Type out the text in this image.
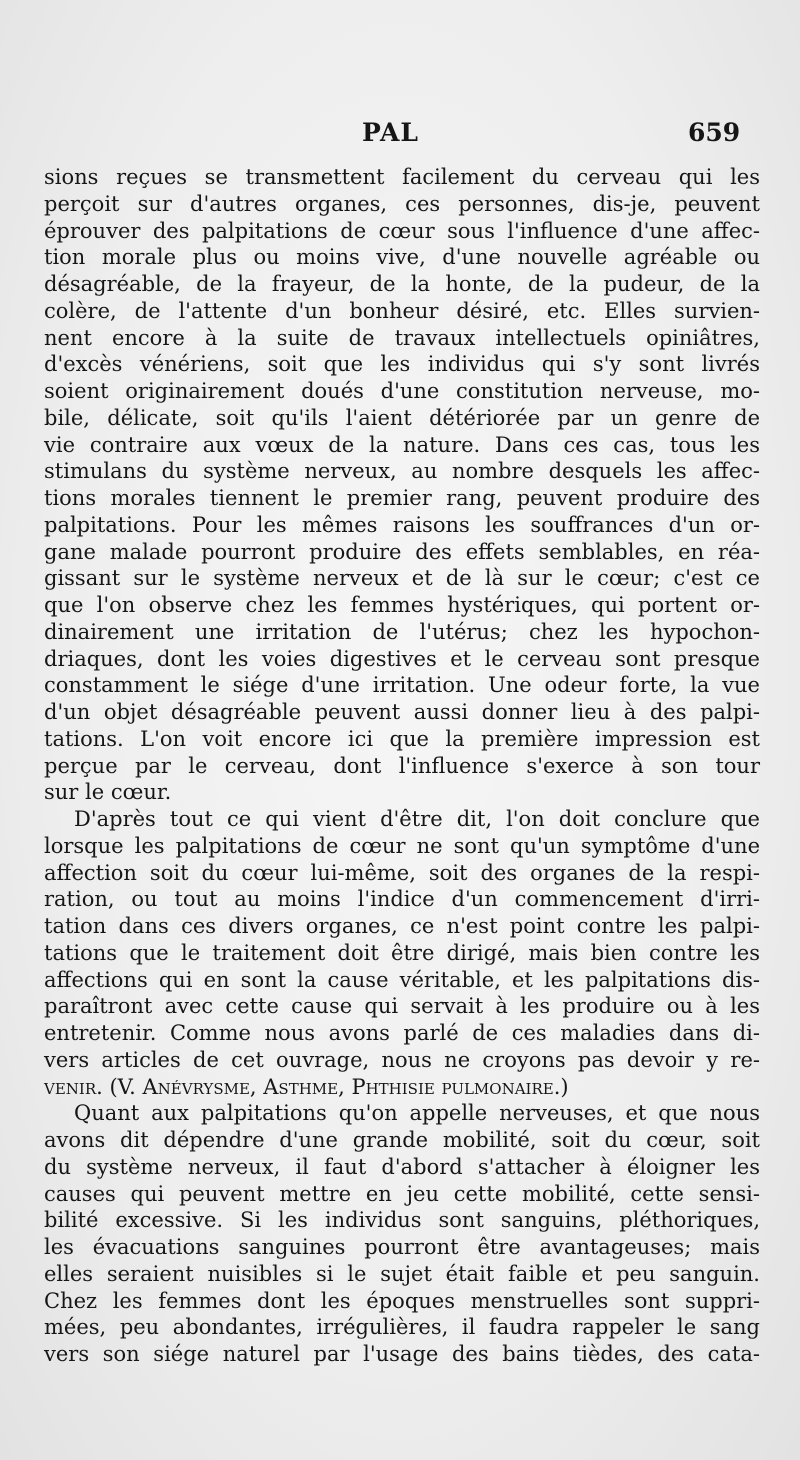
PAL	659
sions reçues se transmettent facilement du cerveau qui les
perçoit sur d'autres organes, ces personnes, dis-je, peuvent
éprouver des palpitations de cœur sous l'influence d'une affec-
tion morale plus ou moins vive, d'une nouvelle agréable ou
désagréable, de la frayeur, de la honte, de la pudeur, de la
colère, de l'attente d'un bonheur désiré, etc. Elles survien-
nent encore à la suite de travaux intellectuels opiniâtres,
d'excès vénériens, soit que les individus qui s'y sont livrés
soient originairement doués d'une constitution nerveuse, mo-
bile, délicate, soit qu'ils l'aient détériorée par un genre de
vie contraire aux vœux de la nature. Dans ces cas, tous les
stimulans du système nerveux, au nombre desquels les affec-
tions morales tiennent le premier rang, peuvent produire des
palpitations. Pour les mêmes raisons les souffrances d'un or-
gane malade pourront produire des effets semblables, en réa-
gissant sur le système nerveux et de là sur le cœur; c'est ce
que l'on observe chez les femmes hystériques, qui portent or-
dinairement une irritation de l'utérus; chez les hypochon-
driaques, dont les voies digestives et le cerveau sont presque
constamment le siége d'une irritation. Une odeur forte, la vue
d'un objet désagréable peuvent aussi donner lieu à des palpi-
tations. L'on voit encore ici que la première impression est
perçue par le cerveau, dont l'influence s'exerce à son tour
sur le cœur.
D'après tout ce qui vient d'être dit, l'on doit conclure que
lorsque les palpitations de cœur ne sont qu'un symptôme d'une
affection soit du cœur lui-même, soit des organes de la respi-
ration, ou tout au moins l'indice d'un commencement d'irri-
tation dans ces divers organes, ce n'est point contre les palpi-
tations que le traitement doit être dirigé, mais bien contre les
affections qui en sont la cause véritable, et les palpitations dis-
paraîtront avec cette cause qui servait à les produire ou à les
entretenir. Comme nous avons parlé de ces maladies dans di-
vers articles de cet ouvrage, nous ne croyons pas devoir y re-
venir. (V. Anévrysme, Asthme, Phthisie pulmonaire.)
Quant aux palpitations qu'on appelle nerveuses, et que nous
avons dit dépendre d'une grande mobilité, soit du cœur, soit
du système nerveux, il faut d'abord s'attacher à éloigner les
causes qui peuvent mettre en jeu cette mobilité, cette sensi-
bilité excessive. Si les individus sont sanguins, pléthoriques,
les évacuations sanguines pourront être avantageuses; mais
elles seraient nuisibles si le sujet était faible et peu sanguin.
Chez les femmes dont les époques menstruelles sont suppri-
mées, peu abondantes, irrégulières, il faudra rappeler le sang
vers son siége naturel par l'usage des bains tièdes, des cata-
